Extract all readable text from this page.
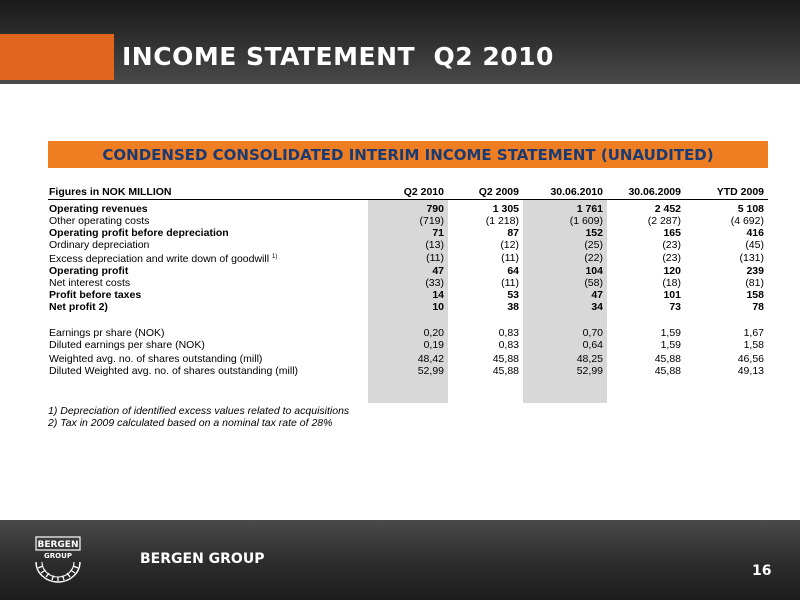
INCOME STATEMENT  Q2 2010
CONDENSED CONSOLIDATED INTERIM INCOME STATEMENT (UNAUDITED)
Figures in NOK MILLION	Q2 2010	Q2 2009	30.06.2010	30.06.2009	YTD 2009
Operating revenues	790	1 305	1 761	2 452	5 108
Other operating costs	(719)	(1 218)	(1 609)	(2 287)	(4 692)
Operating profit before depreciation	71	87	152	165	416
Ordinary depreciation	(13)	(12)	(25)	(23)	(45)
Excess depreciation and write down of goodwill $^{1)}$	(11)	(11)	(22)	(23)	(131)
Operating profit	47	64	104	120	239
Net interest costs	(33)	(11)	(58)	(18)	(81)
Profit before taxes	14	53	47	101	158
Net profit 2)	10	38	34	73	78

Earnings pr share (NOK)	0,20	0,83	0,70	1,59	1,67
Diluted earnings per share (NOK)	0,19	0,83	0,64	1,59	1,58

Weighted avg. no. of shares outstanding (mill)	48,42	45,88	48,25	45,88	46,56
Diluted Weighted avg. no. of shares outstanding (mill)	52,99	45,88	52,99	45,88	49,13
1) Depreciation of identified excess values related to acquisitions
2) Tax in 2009 calculated based on a nominal tax rate of 28%
BERGEN
GROUP	BERGEN GROUP
16
